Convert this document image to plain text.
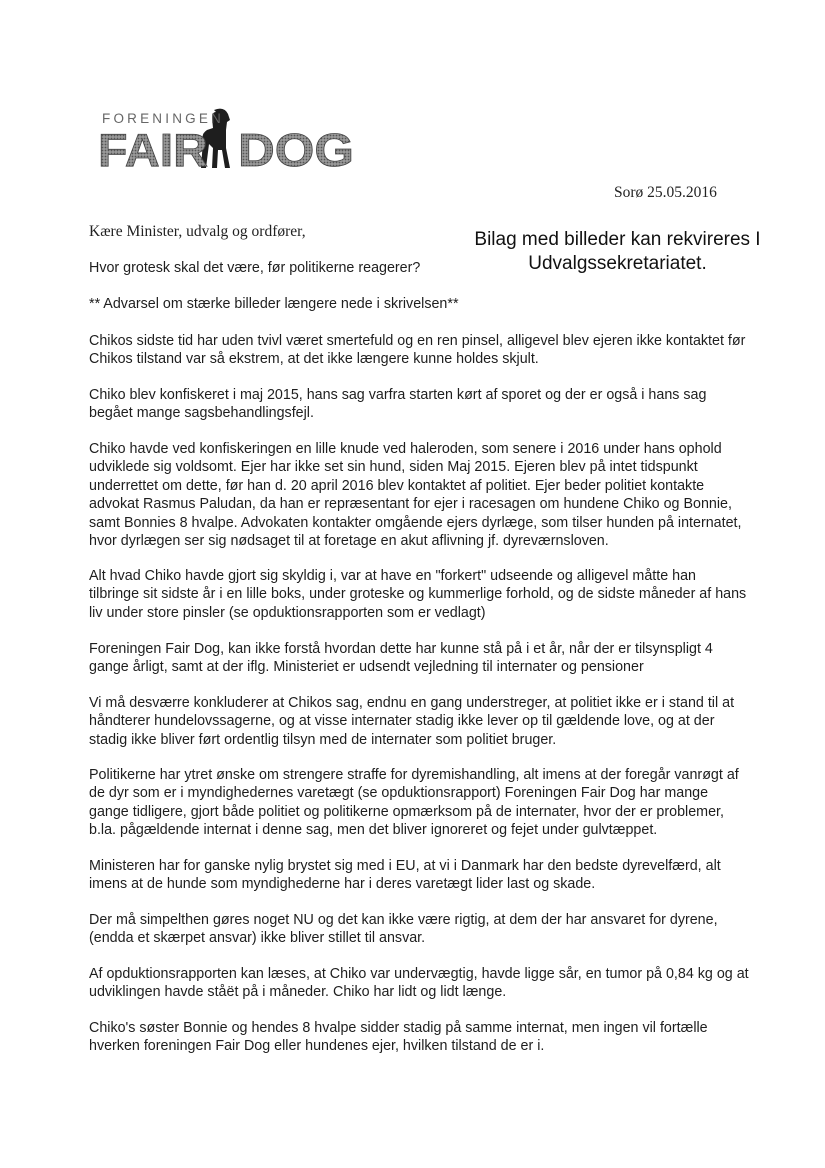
FORENINGEN
FAIR DOG
Sorø 25.05.2016
Kære Minister, udvalg og ordfører,	Bilag med billeder kan rekvireres I
Udvalgssekretariatet.
Hvor grotesk skal det være, før politikerne reagerer?
** Advarsel om stærke billeder længere nede i skrivelsen**
Chikos sidste tid har uden tvivl været smertefuld og en ren pinsel, alligevel blev ejeren ikke kontaktet før Chikos tilstand var så ekstrem, at det ikke længere kunne holdes skjult.
Chiko blev konfiskeret i maj 2015, hans sag varfra starten kørt af sporet og der er også i hans sag begået mange sagsbehandlingsfejl.
Chiko havde ved konfiskeringen en lille knude ved haleroden, som senere i 2016 under hans ophold udviklede sig voldsomt. Ejer har ikke set sin hund, siden Maj 2015. Ejeren blev på intet tidspunkt underrettet om dette, før han d. 20 april 2016 blev kontaktet af politiet. Ejer beder politiet kontakte advokat Rasmus Paludan, da han er repræsentant for ejer i racesagen om hundene Chiko og Bonnie, samt Bonnies 8 hvalpe. Advokaten kontakter omgående ejers dyrlæge, som tilser hunden på internatet, hvor dyrlægen ser sig nødsaget til at foretage en akut aflivning jf. dyreværnsloven.
Alt hvad Chiko havde gjort sig skyldig i, var at have en "forkert" udseende og alligevel måtte han tilbringe sit sidste år i en lille boks, under groteske og kummerlige forhold, og de sidste måneder af hans liv under store pinsler (se opduktionsrapporten som er vedlagt)
Foreningen Fair Dog, kan ikke forstå hvordan dette har kunne stå på i et år, når der er tilsynspligt 4 gange årligt, samt at der iflg. Ministeriet er udsendt vejledning til internater og pensioner
Vi må desværre konkluderer at Chikos sag, endnu en gang understreger, at politiet ikke er i stand til at håndterer hundelovssagerne, og at visse internater stadig ikke lever op til gældende love, og at der stadig ikke bliver ført ordentlig tilsyn med de internater som politiet bruger.
Politikerne har ytret ønske om strengere straffe for dyremishandling, alt imens at der foregår vanrøgt af de dyr som er i myndighedernes varetægt (se opduktionsrapport) Foreningen Fair Dog har mange gange tidligere, gjort både politiet og politikerne opmærksom på de internater, hvor der er problemer, b.la. pågældende internat i denne sag, men det bliver ignoreret og fejet under gulvtæppet.
Ministeren har for ganske nylig brystet sig med i EU, at vi i Danmark har den bedste dyrevelfærd, alt imens at de hunde som myndighederne har i deres varetægt lider last og skade.
Der må simpelthen gøres noget NU og det kan ikke være rigtig, at dem der har ansvaret for dyrene, (endda et skærpet ansvar) ikke bliver stillet til ansvar.
Af opduktionsrapporten kan læses, at Chiko var undervægtig, havde ligge sår, en tumor på 0,84 kg og at udviklingen havde ståët på i måneder. Chiko har lidt og lidt længe.
Chiko's søster Bonnie og hendes 8 hvalpe sidder stadig på samme internat, men ingen vil fortælle hverken foreningen Fair Dog eller hundenes ejer, hvilken tilstand de er i.
